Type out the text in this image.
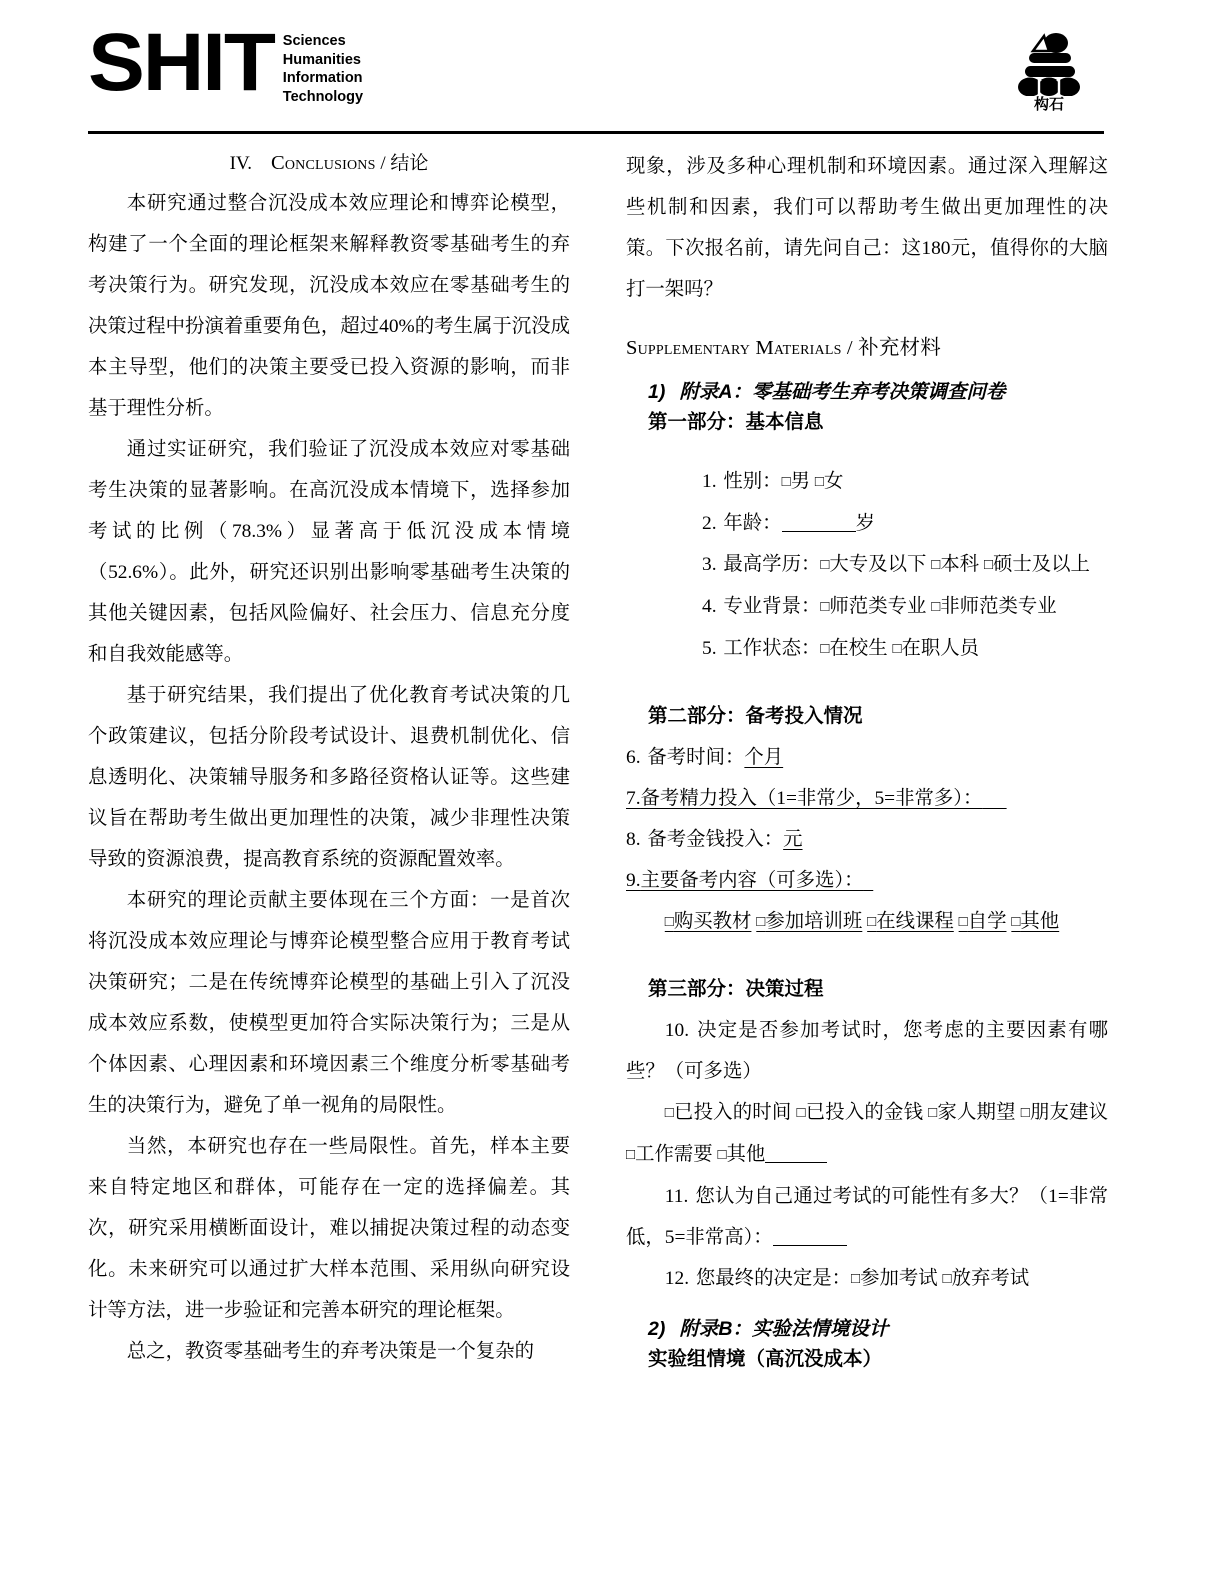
SHIT Sciences
Humanities
Information
Technology	构石
IV. Conclusions / 结论

本研究通过整合沉没成本效应理论和博弈论模型，构建了一个全面的理论框架来解释教资零基础考生的弃考决策行为。研究发现，沉没成本效应在零基础考生的决策过程中扮演着重要角色，超过40%的考生属于沉没成本主导型，他们的决策主要受已投入资源的影响，而非基于理性分析。

通过实证研究，我们验证了沉没成本效应对零基础考生决策的显著影响。在高沉没成本情境下，选择参加考试的比例（78.3%）显著高于低沉没成本情境（52.6%）。此外，研究还识别出影响零基础考生决策的其他关键因素，包括风险偏好、社会压力、信息充分度和自我效能感等。

基于研究结果，我们提出了优化教育考试决策的几个政策建议，包括分阶段考试设计、退费机制优化、信息透明化、决策辅导服务和多路径资格认证等。这些建议旨在帮助考生做出更加理性的决策，减少非理性决策导致的资源浪费，提高教育系统的资源配置效率。

本研究的理论贡献主要体现在三个方面：一是首次将沉没成本效应理论与博弈论模型整合应用于教育考试决策研究；二是在传统博弈论模型的基础上引入了沉没成本效应系数，使模型更加符合实际决策行为；三是从个体因素、心理因素和环境因素三个维度分析零基础考生的决策行为，避免了单一视角的局限性。

当然，本研究也存在一些局限性。首先，样本主要来自特定地区和群体，可能存在一定的选择偏差。其次，研究采用横断面设计，难以捕捉决策过程的动态变化。未来研究可以通过扩大样本范围、采用纵向研究设计等方法，进一步验证和完善本研究的理论框架。

总之，教资零基础考生的弃考决策是一个复杂的

现象，涉及多种心理机制和环境因素。通过深入理解这些机制和因素，我们可以帮助考生做出更加理性的决策。下次报名前，请先问自己：这180元，值得你的大脑打一架吗？

Supplementary Materials / 补充材料
1) 附录A：零基础考生弃考决策调查问卷
第一部分：基本信息

1. 性别：□男 □女

2. 年龄：	岁

3. 最高学历：□大专及以下 □本科 □硕士及以上

4. 专业背景：□师范类专业 □非师范类专业

5. 工作状态：□在校生 □在职人员

第二部分：备考投入情况

6. 备考时间：个月

7.备考精力投入（1=非常少，5=非常多）：

8. 备考金钱投入：元

9.主要备考内容（可多选）：

□购买教材 □参加培训班 □在线课程 □自学 □其他

第三部分：决策过程

10. 决定是否参加考试时，您考虑的主要因素有哪些？（可多选）

□已投入的时间 □已投入的金钱 □家人期望 □朋友建议 □工作需要 □其他

11. 您认为自己通过考试的可能性有多大？（1=非常低，5=非常高）：

12. 您最终的决定是：□参加考试 □放弃考试

2) 附录B：实验法情境设计
实验组情境（高沉没成本）
